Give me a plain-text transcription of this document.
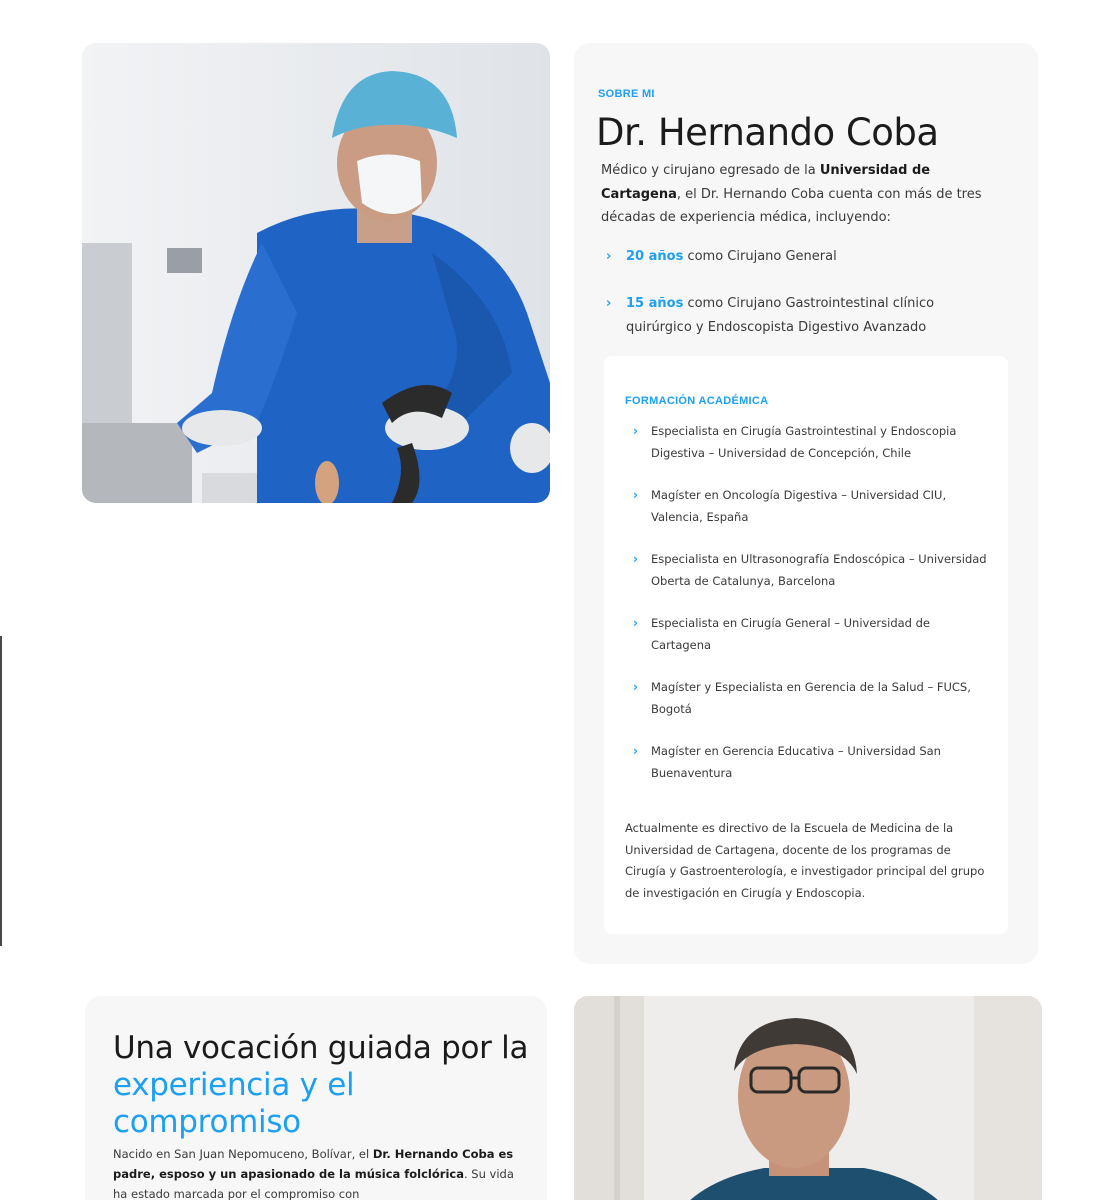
SOBRE MI
Dr. Hernando Coba

Médico y cirujano egresado de la Universidad de Cartagena, el Dr. Hernando Coba cuenta con más de tres décadas de experiencia médica, incluyendo:

› 20 años como Cirujano General
› 15 años como Cirujano Gastrointestinal clínico quirúrgico y Endoscopista Digestivo Avanzado
FORMACIÓN ACADÉMICA
› Especialista en Cirugía Gastrointestinal y Endoscopia Digestiva – Universidad de Concepción, Chile
› Magíster en Oncología Digestiva – Universidad CIU, Valencia, España
› Especialista en Ultrasonografía Endoscópica – Universidad Oberta de Catalunya, Barcelona
› Especialista en Cirugía General – Universidad de Cartagena
› Magíster y Especialista en Gerencia de la Salud – FUCS, Bogotá
› Magíster en Gerencia Educativa – Universidad San Buenaventura

Actualmente es directivo de la Escuela de Medicina de la Universidad de Cartagena, docente de los programas de Cirugía y Gastroenterología, e investigador principal del grupo de investigación en Cirugía y Endoscopia.

Una vocación guiada por la experiencia y el compromiso

Nacido en San Juan Nepomuceno, Bolívar, el Dr. Hernando Coba es padre, esposo y un apasionado de la música folclórica. Su vida ha estado marcada por el compromiso con
